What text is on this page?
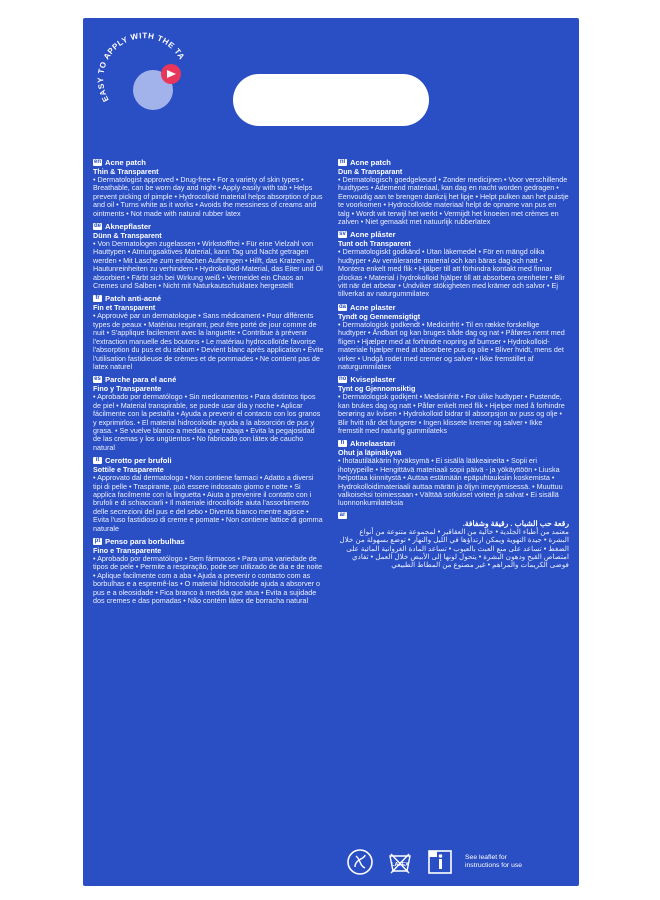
EASY TO APPLY WITH THE TA
en Acne patch
Thin & Transparent
• Dermatologist approved • Drug-free • For a variety of skin types • Breathable, can be worn day and night • Apply easily with tab • Helps prevent picking of pimple • Hydrocolloid material helps absorption of pus and oil • Turns white as it works • Avoids the messiness of creams and ointments • Not made with natural rubber latex
de Aknepflaster
Dünn & Transparent
• Von Dermatologen zugelassen • Wirkstofffrei • Für eine Vielzahl von Hauttypen • Atmungsaktives Material, kann Tag und Nacht getragen werden • Mit Lasche zum einfachen Aufbringen • Hilft, das Kratzen an Hautunreinheiten zu verhindern • Hydrokolloid-Material, das Eiter und Öl absorbiert • Färbt sich bei Wirkung weiß • Vermeidet ein Chaos an Cremes und Salben • Nicht mit Naturkautschuklatex hergestellt
fr Patch anti-acné
Fin et Transparent
• Approuvé par un dermatologue • Sans médicament • Pour différents types de peaux • Matériau respirant, peut être porté de jour comme de nuit • S'applique facilement avec la languette • Contribue à prévenir l'extraction manuelle des boutons • Le matériau hydrocolloïde favorise l'absorption du pus et du sébum • Devient blanc après application • Évite l'utilisation fastidieuse de crèmes et de pommades • Ne contient pas de latex naturel
es Parche para el acné
Fino y Transparente
• Aprobado por dermatólogo • Sin medicamentos • Para distintos tipos de piel • Material transpirable, se puede usar día y noche • Aplicar fácilmente con la pestaña • Ayuda a prevenir el contacto con los granos y exprimirlos. • El material hidrocoloide ayuda a la absorción de pus y grasa. • Se vuelve blanco a medida que trabaja • Evita la pegajosidad de las cremas y los ungüentos • No fabricado con látex de caucho natural
it Cerotto per brufoli
Sottile e Trasparente
• Approvato dal dermatologo • Non contiene farmaci • Adatto a diversi tipi di pelle • Traspirante, può essere indossato giorno e notte • Si applica facilmente con la linguetta • Aiuta a prevenire il contatto con i brufoli e di schiacciarli • Il materiale idrocolloide aiuta l'assorbimento delle secrezioni del pus e del sebo • Diventa bianco mentre agisce • Evita l'uso fastidioso di creme e pomate • Non contiene lattice di gomma naturale
pt Penso para borbulhas
Fino e Transparente
• Aprobado por dermatólogo • Sem fármacos • Para uma variedade de tipos de pele • Permite a respiração, pode ser utilizado de dia e de noite • Aplique facilmente com a aba • Ajuda a prevenir o contacto com as borbulhas e a espremê-las • O material hidrocoloide ajuda a absorver o pus e a oleosidade • Fica branco à medida que atua • Evita a sujidade dos cremes e das pomadas • Não contém látex de borracha natural
nl Acne patch
Dun & Transparant
• Dermatologisch goedgekeurd • Zonder medicijnen • Voor verschillende huidtypes • Ademend materiaal, kan dag en nacht worden gedragen • Eenvoudig aan te brengen dankzij het lipje • Helpt pulken aan het puistje te voorkomen • Hydrocolloïde materiaal helpt de opname van pus en talg • Wordt wit terwijl het werkt • Vermijdt het knoeien met crèmes en zalven • Niet gemaakt met natuurlijk rubberlatex
sv Acne plåster
Tunt och Transparent
• Dermatologiskt godkänd • Utan läkemedel • För en mängd olika hudtyper • Av ventilerande material och kan bäras dag och natt • Montera enkelt med flik • Hjälper till att förhindra kontakt med finnar plockas • Material i hydrokolloid hjälper till att absorbera orenheter • Blir vitt när det arbetar • Undviker stökigheten med krämer och salvor • Ej tillverkat av naturgummilatex
da Acne plaster
Tyndt og Gennemsigtigt
• Dermatologisk godkendt • Medicinfrit • Til en række forskellige hudtyper • Åndbart og kan bruges både dag og nat • Påføres nemt med fligen • Hjælper med at forhindre nopring af bumser • Hydrokolloid-materiale hjælper med at absorbere pus og olie • Bliver hvidt, mens det virker • Undgå rodet med cremer og salver • Ikke fremstillet af naturgummilatex
no Kviseplaster
Tynt og Gjennomsiktig
• Dermatologisk godkjent • Medisinfritt • For ulike hudtyper • Pustende, kan brukes dag og natt • Påfør enkelt med flik • Hjelper med å forhindre berøring av kvisen • Hydrokolloid bidrar til absorpsjon av puss og olje • Blir hvitt når det fungerer • Ingen klissete kremer og salver • Ikke fremstilt med naturlig gummilateks
fi Aknelaastari
Ohut ja läpinäkyvä
• Ihotautilääkärin hyväksymä • Ei sisällä lääkeaineita • Sopii eri ihotyypeille • Hengittävä materiaali sopii päivä - ja yökäyttöön • Liuska helpottaa kiinnitystä • Auttaa estämään epäpuhtauksiin koskemista • Hydrokolloidimateriaali auttaa märän ja öljyn imeytymisessä. • Muuttuu valkoiseksi toimiessaan • Välttää sotkuiset voiteet ja salvat • Ei sisällä luonnonkumilateksia
ar
رقعة حب الشباب . رقيقة وشفافة.
معتمد من أطباء الجلدية • خالية من العقاقير • لمجموعة متنوعة من أنواع البشرة • جيدة التهوية ويمكن ارتداؤها في الليل والنهار • توضع بسهولة من خلال الضغط • تساعد على منع العبث بالعيوب • تساعد المادة الغروانية المائية على امتصاص القيح ودهون البشرة • يتحول لونها إلى الأبيض خلال العمل • تفادي فوضى الكريمات والمراهم • غير مصنوع من المطاط الطبيعي
LATEX
See leaflet for instructions for use
